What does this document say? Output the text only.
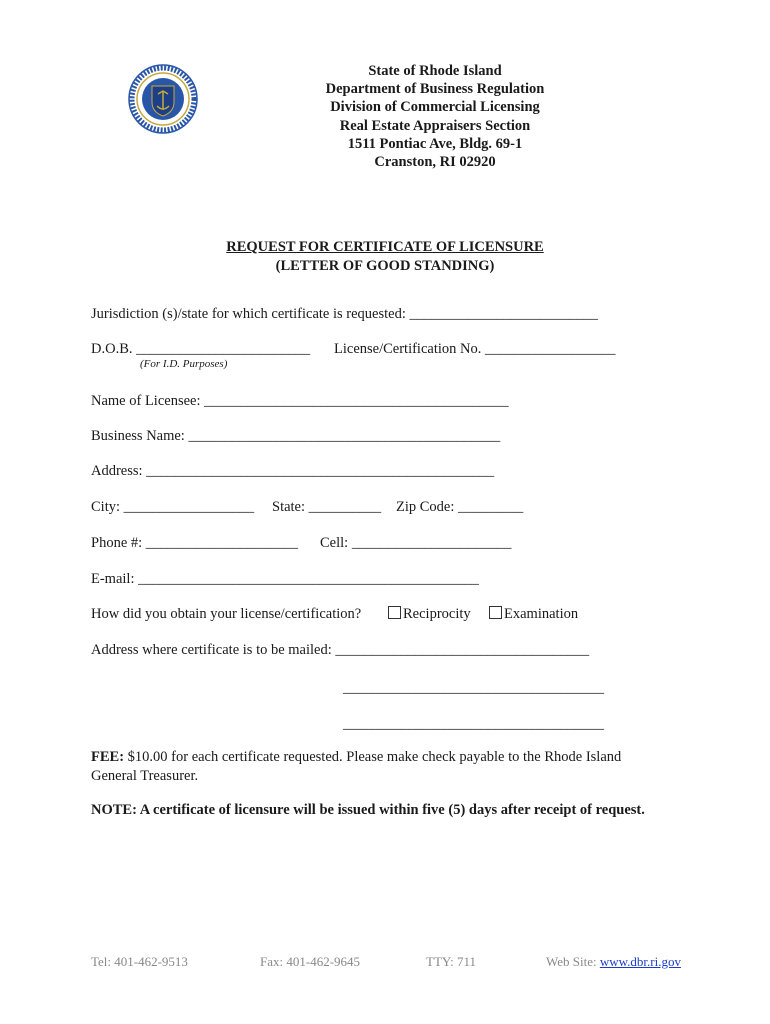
State of Rhode Island
Department of Business Regulation
Division of Commercial Licensing
Real Estate Appraisers Section
1511 Pontiac Ave, Bldg. 69-1
Cranston, RI 02920
REQUEST FOR CERTIFICATE OF LICENSURE
(LETTER OF GOOD STANDING)
Jurisdiction (s)/state for which certificate is requested: __________________________
D.O.B. ________________________ License/Certification No. __________________
(For I.D. Purposes)
Name of Licensee: __________________________________________
Business Name: ___________________________________________
Address: ________________________________________________
City: __________________ State: __________ Zip Code: _________
Phone #: _____________________ Cell: ______________________
E-mail: _______________________________________________
How did you obtain your license/certification?	Reciprocity	Examination
Address where certificate is to be mailed: ___________________________________
____________________________________
____________________________________
FEE: $10.00 for each certificate requested. Please make check payable to the Rhode Island General Treasurer.
NOTE: A certificate of licensure will be issued within five (5) days after receipt of request.
Tel: 401-462-9513	Fax: 401-462-9645	TTY: 711	Web Site: www.dbr.ri.gov
